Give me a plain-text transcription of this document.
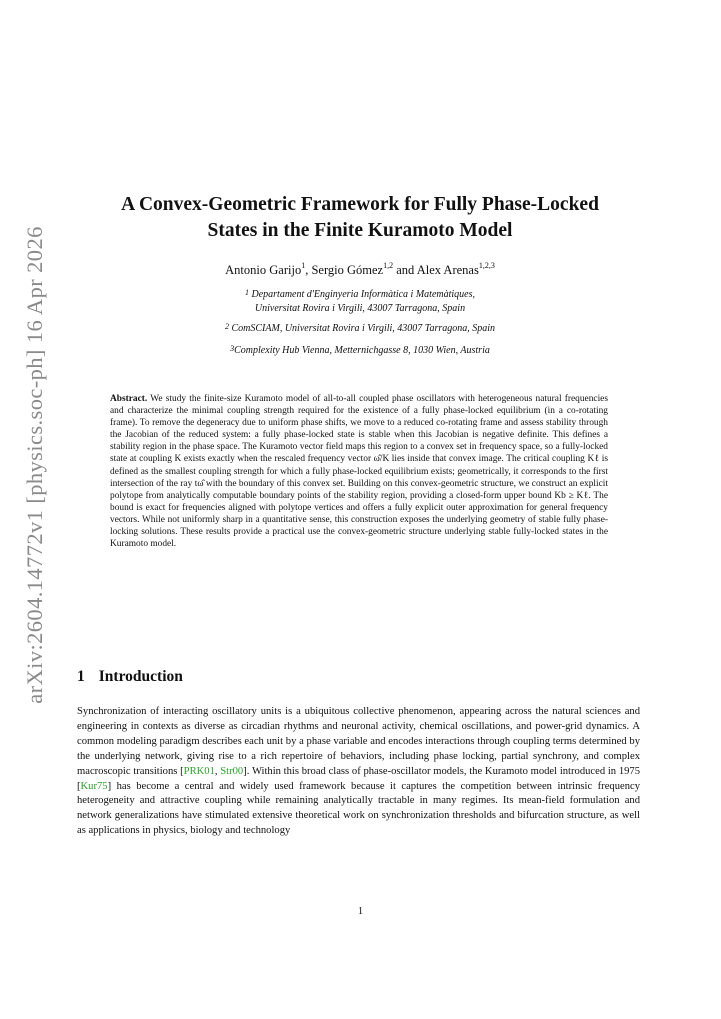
arXiv:2604.14772v1 [physics.soc-ph] 16 Apr 2026
A Convex-Geometric Framework for Fully Phase-Locked
States in the Finite Kuramoto Model
Antonio Garijo$^1$, Sergio Gómez$^{1,2}$ and Alex Arenas$^{1,2,3}$
$^1$ Departament d'Enginyeria Informàtica i Matemàtiques,
Universitat Rovira i Virgili, 43007 Tarragona, Spain
$^2$ ComSCIAM, Universitat Rovira i Virgili, 43007 Tarragona, Spain
$^3$Complexity Hub Vienna, Metternichgasse 8, 1030 Wien, Austria
Abstract. We study the finite-size Kuramoto model of all-to-all coupled phase oscillators with heterogeneous natural frequencies and characterize the minimal coupling strength required for the existence of a fully phase-locked equilibrium (in a co-rotating frame). To remove the degeneracy due to uniform phase shifts, we move to a reduced co-rotating frame and assess stability through the Jacobian of the reduced system: a fully phase-locked state is stable when this Jacobian is negative definite. This defines a stability region in the phase space. The Kuramoto vector field maps this region to a convex set in frequency space, so a fully-locked state at coupling K exists exactly when the rescaled frequency vector ω̂/K lies inside that convex image. The critical coupling Kℓ is defined as the smallest coupling strength for which a fully phase-locked equilibrium exists; geometrically, it corresponds to the first intersection of the ray tω̂ with the boundary of this convex set. Building on this convex-geometric structure, we construct an explicit polytope from analytically computable boundary points of the stability region, providing a closed-form upper bound Kb ≥ Kℓ. The bound is exact for frequencies aligned with polytope vertices and offers a fully explicit outer approximation for general frequency vectors. While not uniformly sharp in a quantitative sense, this construction exposes the underlying geometry of stable fully phase-locking solutions. These results provide a practical use the convex-geometric structure underlying stable fully-locked states in the Kuramoto model.
1 Introduction
Synchronization of interacting oscillatory units is a ubiquitous collective phenomenon, appearing across the natural sciences and engineering in contexts as diverse as circadian rhythms and neuronal activity, chemical oscillations, and power-grid dynamics. A common modeling paradigm describes each unit by a phase variable and encodes interactions through coupling terms determined by the underlying network, giving rise to a rich repertoire of behaviors, including phase locking, partial synchrony, and complex macroscopic transitions [PRK01, Str00]. Within this broad class of phase-oscillator models, the Kuramoto model introduced in 1975 [Kur75] has become a central and widely used framework because it captures the competition between intrinsic frequency heterogeneity and attractive coupling while remaining analytically tractable in many regimes. Its mean-field formulation and network generalizations have stimulated extensive theoretical work on synchronization thresholds and bifurcation structure, as well as applications in physics, biology and technology
1
